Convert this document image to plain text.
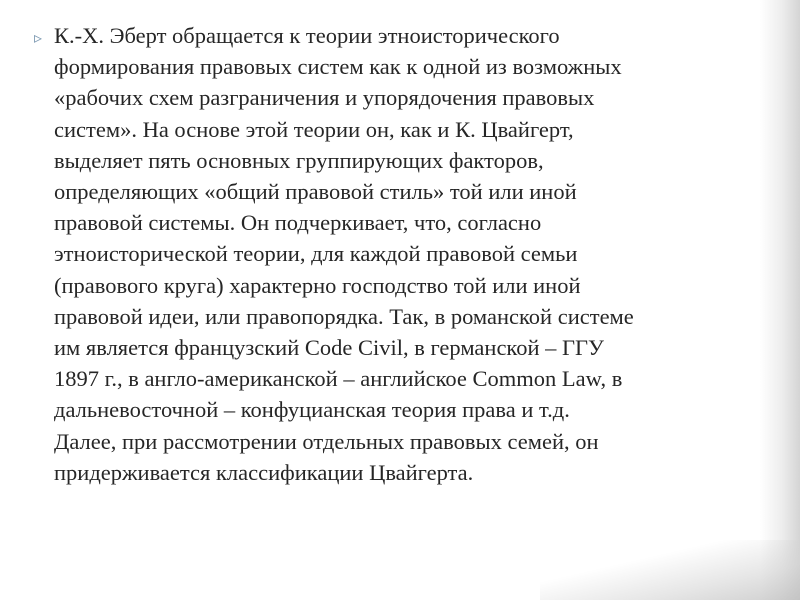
▹ К.-Х. Эберт обращается к теории этноисторического
формирования правовых систем как к одной из возможных
«рабочих схем разграничения и упорядочения правовых
систем». На основе этой теории он, как и К. Цвайгерт,
выделяет пять основных группирующих факторов,
определяющих «общий правовой стиль» той или иной
правовой системы. Он подчеркивает, что, согласно
этноисторической теории, для каждой правовой семьи
(правового круга) характерно господство той или иной
правовой идеи, или правопорядка. Так, в романской системе
им является французский Code Civil, в германской – ГГУ
1897 г., в англо-американской – английское Common Law, в
дальневосточной – конфуцианская теория права и т.д.
Далее, при рассмотрении отдельных правовых семей, он
придерживается классификации Цвайгерта.
